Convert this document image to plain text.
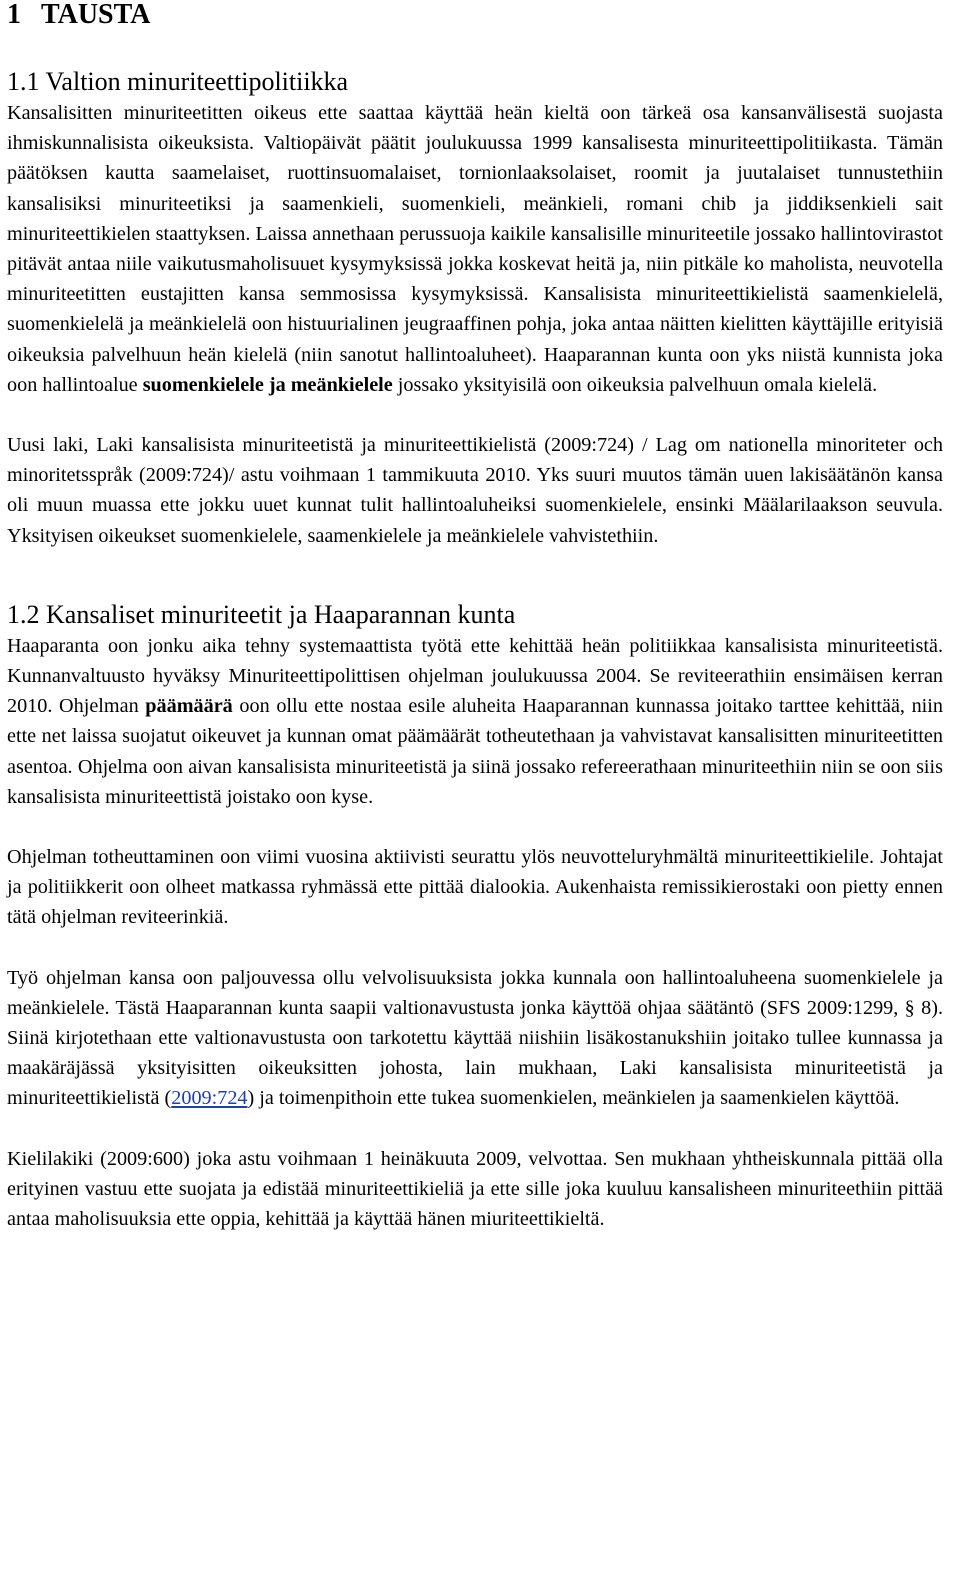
1 TAUSTA
1.1 Valtion minuriteettipolitiikka

Kansalisitten minuriteetitten oikeus ette saattaa käyttää heän kieltä oon tärkeä osa kansanvälisestä suojasta ihmiskunnalisista oikeuksista. Valtiopäivät päätit joulukuussa 1999 kansalisesta minuriteettipolitiikasta. Tämän päätöksen kautta saamelaiset, ruottinsuomalaiset, tornionlaaksolaiset, roomit ja juutalaiset tunnustethiin kansalisiksi minuriteetiksi ja saamenkieli, suomenkieli, meänkieli, romani chib ja jiddiksenkieli sait minuriteettikielen staattyksen. Laissa annethaan perussuoja kaikile kansalisille minuriteetile jossako hallintovirastot pitävät antaa niile vaikutusmaholisuuet kysymyksissä jokka koskevat heitä ja, niin pitkäle ko maholista, neuvotella minuriteetitten eustajitten kansa semmosissa kysymyksissä. Kansalisista minuriteettikielistä saamenkielelä, suomenkielelä ja meänkielelä oon histuurialinen jeugraaffinen pohja, joka antaa näitten kielitten käyttäjille erityisiä oikeuksia palvelhuun heän kielelä (niin sanotut hallintoaluheet). Haaparannan kunta oon yks niistä kunnista joka oon hallintoalue suomenkielele ja meänkielele jossako yksityisilä oon oikeuksia palvelhuun omala kielelä.

Uusi laki, Laki kansalisista minuriteetistä ja minuriteettikielistä (2009:724) / Lag om nationella minoriteter och minoritetsspråk (2009:724)/ astu voihmaan 1 tammikuuta 2010. Yks suuri muutos tämän uuen lakisäätänön kansa oli muun muassa ette jokku uuet kunnat tulit hallintoaluheiksi suomenkielele, ensinki Määlarilaakson seuvula. Yksityisen oikeukset suomenkielele, saamenkielele ja meänkielele vahvistethiin.

1.2 Kansaliset minuriteetit ja Haaparannan kunta

Haaparanta oon jonku aika tehny systemaattista työtä ette kehittää heän politiikkaa kansalisista minuriteetistä. Kunnanvaltuusto hyväksy Minuriteettipolittisen ohjelman joulukuussa 2004. Se reviteerathiin ensimäisen kerran 2010. Ohjelman päämäärä oon ollu ette nostaa esile aluheita Haaparannan kunnassa joitako tarttee kehittää, niin ette net laissa suojatut oikeuvet ja kunnan omat päämäärät totheutethaan ja vahvistavat kansalisitten minuriteetitten asentoa. Ohjelma oon aivan kansalisista minuriteetistä ja siinä jossako refereerathaan minuriteethiin niin se oon siis kansalisista minuriteettistä joistako oon kyse.

Ohjelman totheuttaminen oon viimi vuosina aktiivisti seurattu ylös neuvotteluryhmältä minuriteettikielile. Johtajat ja politiikkerit oon olheet matkassa ryhmässä ette pittää dialookia. Aukenhaista remissikierostaki oon pietty ennen tätä ohjelman reviteerinkiä.

Työ ohjelman kansa oon paljouvessa ollu velvolisuuksista jokka kunnala oon hallintoaluheena suomenkielele ja meänkielele. Tästä Haaparannan kunta saapii valtionavustusta jonka käyttöä ohjaa säätäntö (SFS 2009:1299, § 8). Siinä kirjotethaan ette valtionavustusta oon tarkotettu käyttää niishiin lisäkostanukshiin joitako tullee kunnassa ja maakäräjässä yksityisitten oikeuksitten johosta, lain mukhaan, Laki kansalisista minuriteetistä ja minuriteettikielistä (2009:724) ja toimenpithoin ette tukea suomenkielen, meänkielen ja saamenkielen käyttöä.

Kielilakiki (2009:600) joka astu voihmaan 1 heinäkuuta 2009, velvottaa. Sen mukhaan yhtheiskunnala pittää olla erityinen vastuu ette suojata ja edistää minuriteettikieliä ja ette sille joka kuuluu kansalisheen minuriteethiin pittää antaa maholisuuksia ette oppia, kehittää ja käyttää hänen miuriteettikieltä.
